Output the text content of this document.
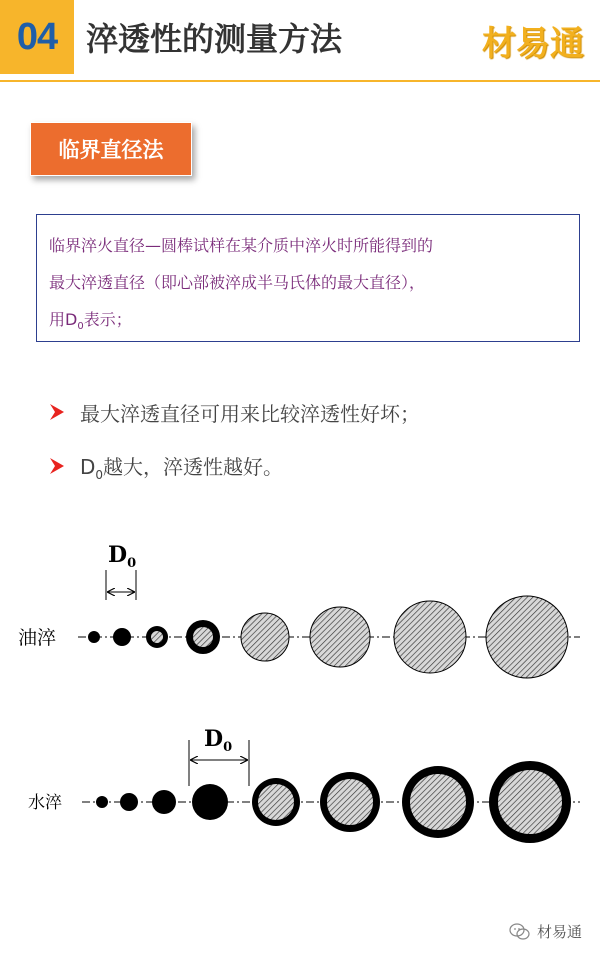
04 淬透性的测量方法	材易通
临界直径法
临界淬火直径—圆棒试样在某介质中淬火时所能得到的
最大淬透直径（即心部被淬成半马氏体的最大直径），
用$D_0$表示；
最大淬透直径可用来比较淬透性好坏；
$D_0$越大，淬透性越好。
油淬
$D_0$
水淬
$D_0$
材易通
